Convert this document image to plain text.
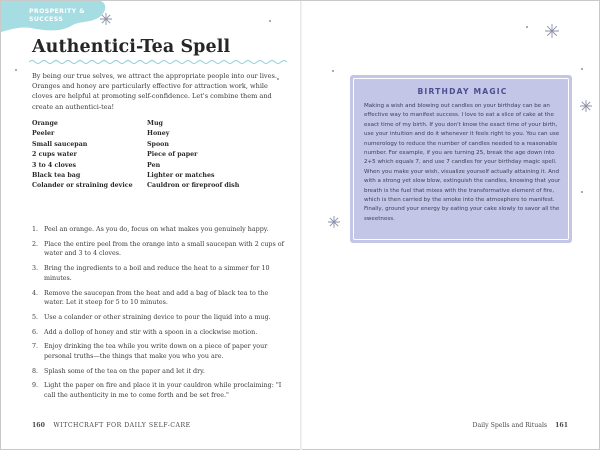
PROSPERITY & SUCCESS
Authentici-Tea Spell

By being our true selves, we attract the appropriate people into our lives. Oranges and honey are particularly effective for attraction work, while cloves are helpful at promoting self-confidence. Let's combine them and create an authentici-tea!

Orange	Mug
Peeler	Honey
Small saucepan	Spoon
2 cups water	Piece of paper
3 to 4 cloves	Pen
Black tea bag	Lighter or matches
Colander or straining device	Cauldron or fireproof dish
1. Peel an orange. As you do, focus on what makes you genuinely happy.
2. Place the entire peel from the orange into a small saucepan with 2 cups of water and 3 to 4 cloves.
3. Bring the ingredients to a boil and reduce the heat to a simmer for 10 minutes.
4. Remove the saucepan from the heat and add a bag of black tea to the water. Let it steep for 5 to 10 minutes.
5. Use a colander or other straining device to pour the liquid into a mug.
6. Add a dollop of honey and stir with a spoon in a clockwise motion.
7. Enjoy drinking the tea while you write down on a piece of paper your personal truths—the things that make you who you are.
8. Splash some of the tea on the paper and let it dry.
9. Light the paper on fire and place it in your cauldron while proclaiming: "I call the authenticity in me to come forth and be set free."
160 WITCHCRAFT FOR DAILY SELF-CARE	Daily Spells and Rituals 161
BIRTHDAY MAGIC

Making a wish and blowing out candles on your birthday can be an effective way to manifest success. I love to eat a slice of cake at the exact time of my birth. If you don't know the exact time of your birth, use your intuition and do it whenever it feels right to you. You can use numerology to reduce the number of candles needed to a reasonable number. For example, if you are turning 25, break the age down into 2+5 which equals 7, and use 7 candles for your birthday magic spell. When you make your wish, visualize yourself actually attaining it. And with a strong yet slow blow, extinguish the candles, knowing that your breath is the fuel that mixes with the transformative element of fire, which is then carried by the smoke into the atmosphere to manifest. Finally, ground your energy by eating your cake slowly to savor all the sweetness.
